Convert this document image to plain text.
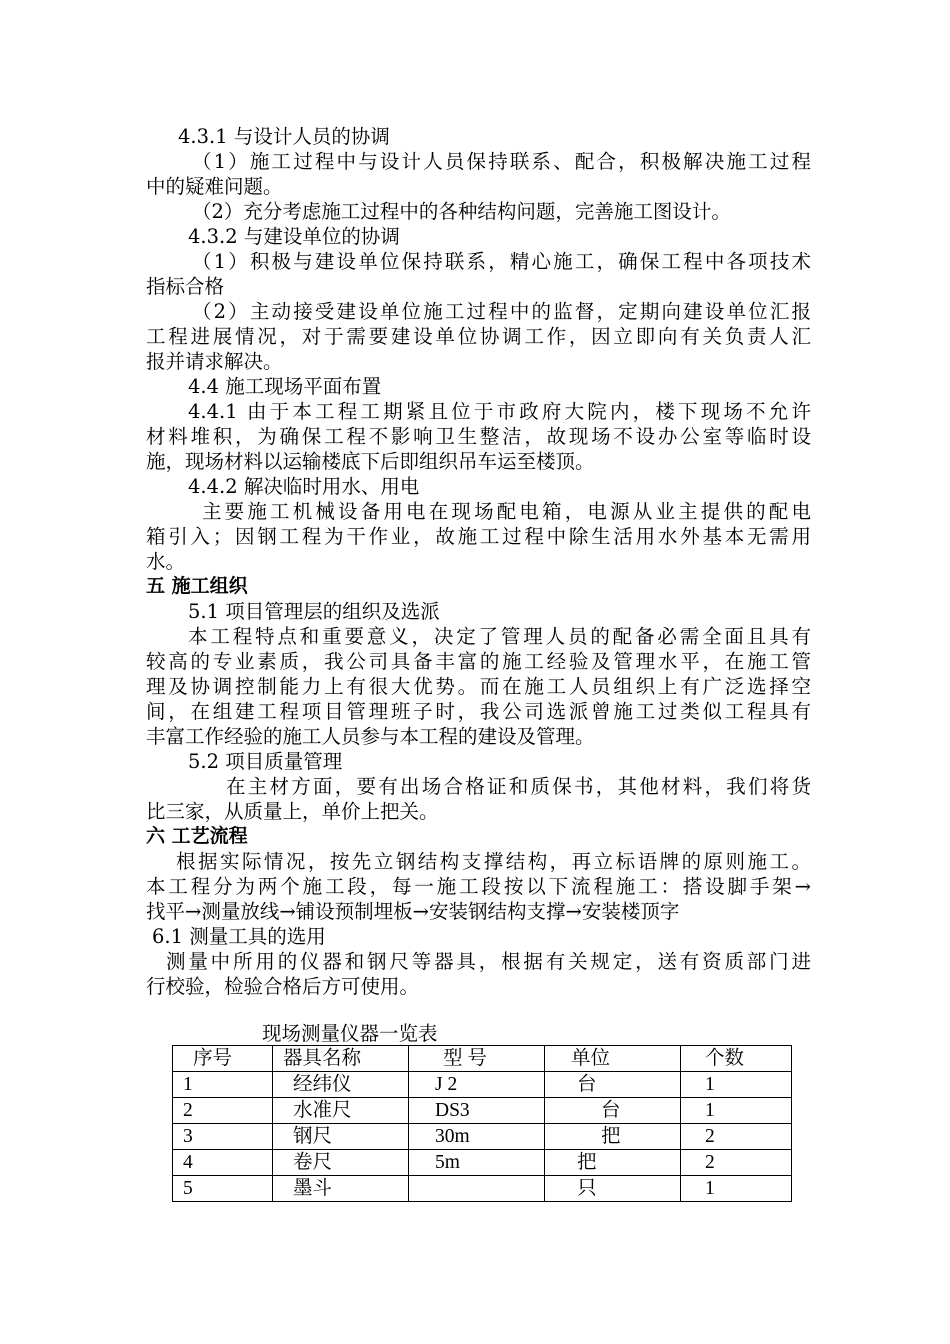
4.3.1 与设计人员的协调
（1）施工过程中与设计人员保持联系、配合，积极解决施工过程
中的疑难问题。
（2）充分考虑施工过程中的各种结构问题，完善施工图设计。
4.3.2 与建设单位的协调
（1）积极与建设单位保持联系，精心施工，确保工程中各项技术
指标合格
（2）主动接受建设单位施工过程中的监督，定期向建设单位汇报
工程进展情况，对于需要建设单位协调工作，因立即向有关负责人汇
报并请求解决。
4.4 施工现场平面布置
4.4.1 由于本工程工期紧且位于市政府大院内，楼下现场不允许
材料堆积，为确保工程不影响卫生整洁，故现场不设办公室等临时设
施，现场材料以运输楼底下后即组织吊车运至楼顶。
4.4.2 解决临时用水、用电
主要施工机械设备用电在现场配电箱，电源从业主提供的配电
箱引入；因钢工程为干作业，故施工过程中除生活用水外基本无需用
水。
五 施工组织
5.1 项目管理层的组织及选派
本工程特点和重要意义，决定了管理人员的配备必需全面且具有
较高的专业素质，我公司具备丰富的施工经验及管理水平，在施工管
理及协调控制能力上有很大优势。而在施工人员组织上有广泛选择空
间，在组建工程项目管理班子时，我公司选派曾施工过类似工程具有
丰富工作经验的施工人员参与本工程的建设及管理。
5.2 项目质量管理
在主材方面，要有出场合格证和质保书，其他材料，我们将货
比三家，从质量上，单价上把关。
六 工艺流程
根据实际情况，按先立钢结构支撑结构，再立标语牌的原则施工。
本工程分为两个施工段，每一施工段按以下流程施工：搭设脚手架→
找平→测量放线→铺设预制埋板→安装钢结构支撑→安装楼顶字
6.1 测量工具的选用
测量中所用的仪器和钢尺等器具，根据有关规定，送有资质部门进
行校验，检验合格后方可使用。
现场测量仪器一览表
序号	器具名称	型 号	单位	个数
1	经纬仪	J 2	台	1
2	水准尺	DS3	台	1
3	钢尺	30m	把	2
4	卷尺	5m	把	2
5	墨斗		只	1
